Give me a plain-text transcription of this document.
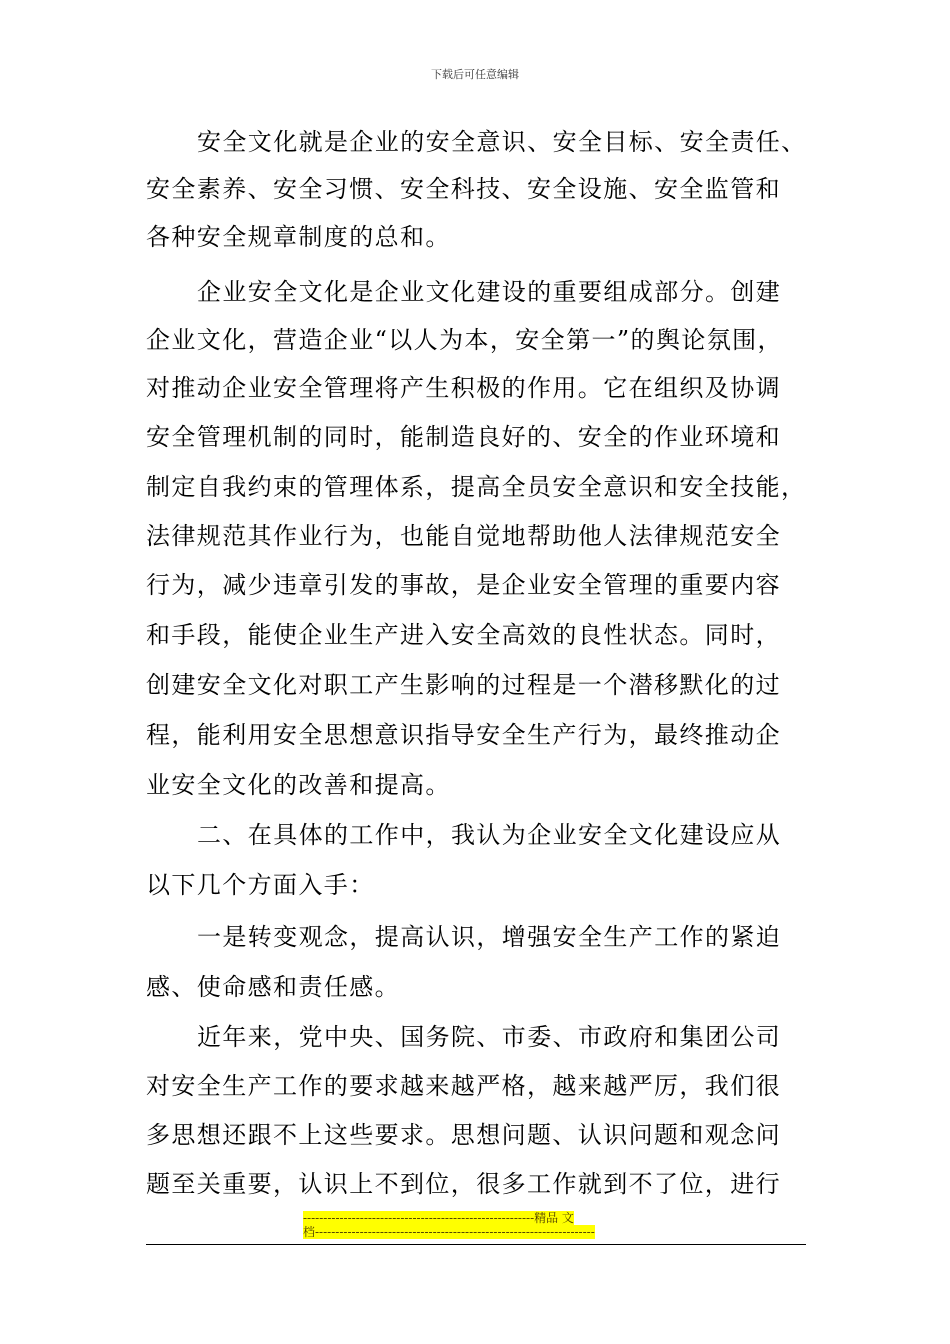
下载后可任意编辑
安全文化就是企业的安全意识、安全目标、安全责任、
安全素养、安全习惯、安全科技、安全设施、安全监管和
各种安全规章制度的总和。
企业安全文化是企业文化建设的重要组成部分。创建
企业文化，营造企业“以人为本，安全第一”的舆论氛围，
对推动企业安全管理将产生积极的作用。它在组织及协调
安全管理机制的同时，能制造良好的、安全的作业环境和
制定自我约束的管理体系，提高全员安全意识和安全技能，
法律规范其作业行为，也能自觉地帮助他人法律规范安全
行为，减少违章引发的事故，是企业安全管理的重要内容
和手段，能使企业生产进入安全高效的良性状态。同时，
创建安全文化对职工产生影响的过程是一个潜移默化的过
程，能利用安全思想意识指导安全生产行为，最终推动企
业安全文化的改善和提高。
二、在具体的工作中，我认为企业安全文化建设应从
以下几个方面入手：
一是转变观念，提高认识，增强安全生产工作的紧迫
感、使命感和责任感。
近年来，党中央、国务院、市委、市政府和集团公司
对安全生产工作的要求越来越严格，越来越严厉，我们很
多思想还跟不上这些要求。思想问题、认识问题和观念问
题至关重要，认识上不到位，很多工作就到不了位，进行
---------------------------------------------------------精品 文
档---------------------------------------------------------------------
